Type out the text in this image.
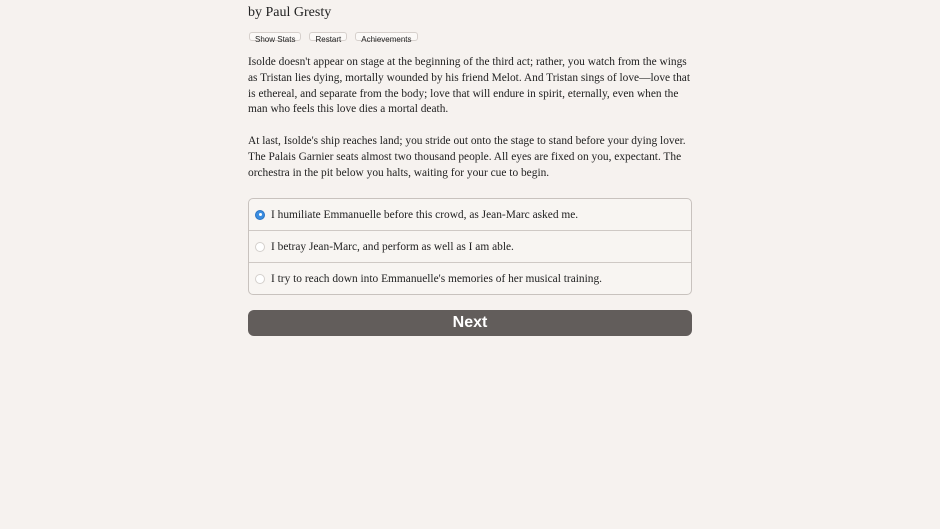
by Paul Gresty
Show Stats	Restart	Achievements

Isolde doesn't appear on stage at the beginning of the third act; rather, you watch from the wings as Tristan lies dying, mortally wounded by his friend Melot. And Tristan sings of love—love that is ethereal, and separate from the body; love that will endure in spirit, eternally, even when the man who feels this love dies a mortal death.

At last, Isolde's ship reaches land; you stride out onto the stage to stand before your dying lover. The Palais Garnier seats almost two thousand people. All eyes are fixed on you, expectant. The orchestra in the pit below you halts, waiting for your cue to begin.

I humiliate Emmanuelle before this crowd, as Jean-Marc asked me.
I betray Jean-Marc, and perform as well as I am able.
I try to reach down into Emmanuelle's memories of her musical training.
Next
